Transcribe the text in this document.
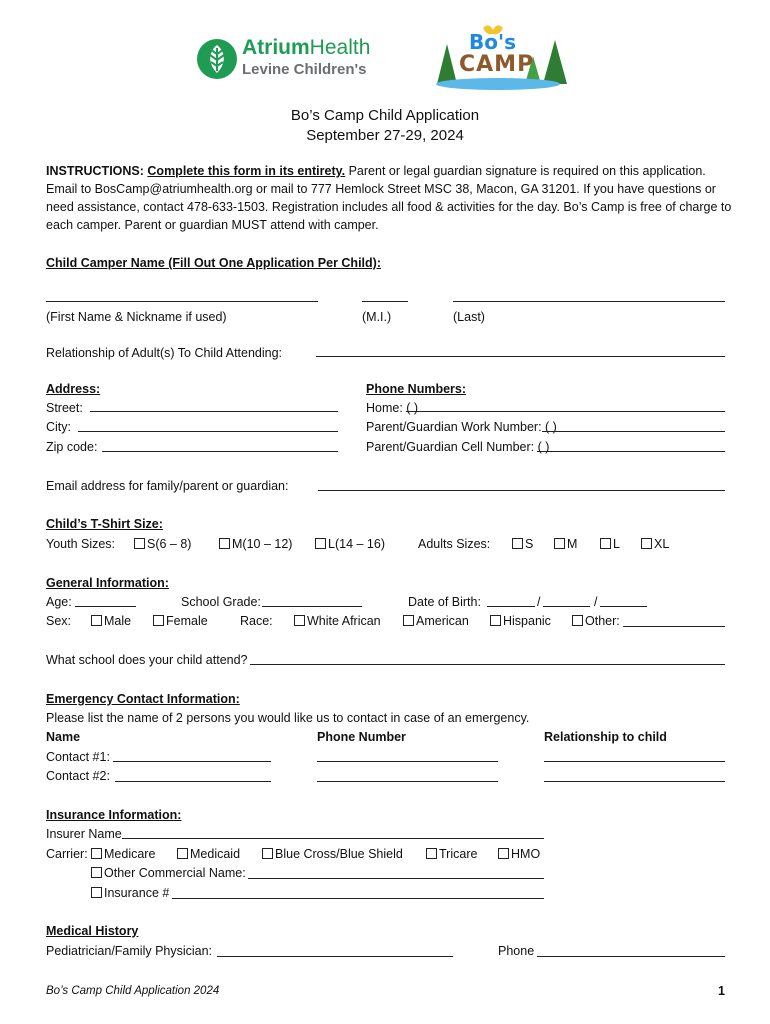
AtriumHealth
Levine Children's
Bo's
CAMP
Bo’s Camp Child Application
September 27-29, 2024
INSTRUCTIONS: Complete this form in its entirety. Parent or legal guardian signature is required on this application. Email to BosCamp@atriumhealth.org or mail to 777 Hemlock Street MSC 38, Macon, GA 31201. If you have questions or need assistance, contact 478-633-1503. Registration includes all food & activities for the day. Bo’s Camp is free of charge to each camper. Parent or guardian MUST attend with camper.
Child Camper Name (Fill Out One Application Per Child):
(First Name & Nickname if used)	(M.I.)	(Last)
Relationship of Adult(s) To Child Attending:
Address:
Street:
City:
Zip code:
Phone Numbers:
Home: ( )
Parent/Guardian Work Number: ( )
Parent/Guardian Cell Number: ( )
Email address for family/parent or guardian:
Child’s T-Shirt Size:
Youth Sizes:	S(6 – 8)	M(10 – 12)	L(14 – 16)	Adults Sizes:	S	M	L	XL
General Information:
Age:	School Grade:	Date of Birth:	/	/
Sex:	Male	Female	Race:	White African	American	Hispanic	Other:
What school does your child attend?
Emergency Contact Information:
Please list the name of 2 persons you would like us to contact in case of an emergency.
Name	Phone Number	Relationship to child
Contact #1:
Contact #2:
Insurance Information:
Insurer Name
Carrier:	Medicare	Medicaid	Blue Cross/Blue Shield	Tricare	HMO
Other Commercial Name:
Insurance #
Medical History
Pediatrician/Family Physician:	Phone
Bo’s Camp Child Application 2024	1
